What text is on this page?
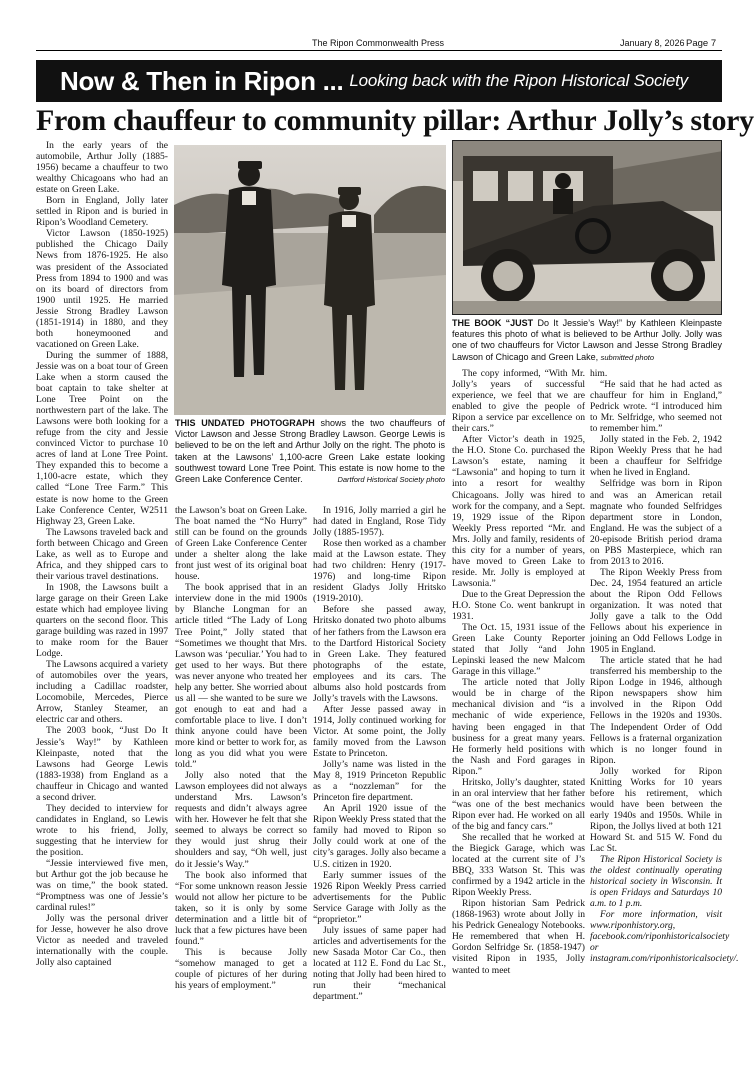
The Ripon Commonwealth Press	January 8, 2026 Page 7
Now & Then in Ripon ... Looking back with the Ripon Historical Society
From chauffeur to community pillar: Arthur Jolly’s story
THIS UNDATED PHOTOGRAPH shows the two chauffeurs of Victor Lawson and Jesse Strong Bradley Lawson. George Lewis is believed to be on the left and Arthur Jolly on the right. The photo is taken at the Lawsons’ 1,100-acre Green Lake estate looking southwest toward Lone Tree Point. This estate is now home to the Green Lake Conference Center.	Dartford Historical Society photo
THE BOOK “JUST Do It Jessie’s Way!” by Kathleen Kleinpaste features this photo of what is believed to be Arthur Jolly. Jolly was one of two chauffeurs for Victor Lawson and Jesse Strong Bradley Lawson of Chicago and Green Lake, submitted photo

In the early years of the automobile, Arthur Jolly (1885-1956) became a chauffeur to two wealthy Chicagoans who had an estate on Green Lake.

Born in England, Jolly later settled in Ripon and is buried in Ripon’s Woodland Cemetery.

Victor Lawson (1850-1925) published the Chicago Daily News from 1876-1925. He also was president of the Associated Press from 1894 to 1900 and was on its board of directors from 1900 until 1925. He married Jessie Strong Bradley Lawson (1851-1914) in 1880, and they both honeymooned and vacationed on Green Lake.

During the summer of 1888, Jessie was on a boat tour of Green Lake when a storm caused the boat captain to take shelter at Lone Tree Point on the northwestern part of the lake. The Lawsons were both looking for a refuge from the city and Jessie convinced Victor to purchase 10 acres of land at Lone Tree Point. They expanded this to become a 1,100-acre estate, which they called “Lone Tree Farm.” This estate is now home to the Green Lake Conference Center, W2511 Highway 23, Green Lake.

The Lawsons traveled back and forth between Chicago and Green Lake, as well as to Europe and Africa, and they shipped cars to their various travel destinations.

In 1908, the Lawsons built a large garage on their Green Lake estate which had employee living quarters on the second floor. This garage building was razed in 1997 to make room for the Bauer Lodge.

The Lawsons acquired a variety of automobiles over the years, including a Cadillac roadster, Locomobile, Mercedes, Pierce Arrow, Stanley Steamer, an electric car and others.

The 2003 book, “Just Do It Jessie’s Way!” by Kathleen Kleinpaste, noted that the Lawsons had George Lewis (1883-1938) from England as a chauffeur in Chicago and wanted a second driver.

They decided to interview for candidates in England, so Lewis wrote to his friend, Jolly, suggesting that he interview for the position.

“Jessie interviewed five men, but Arthur got the job because he was on time,” the book stated. “Promptness was one of Jessie’s cardinal rules!”

Jolly was the personal driver for Jesse, however he also drove Victor as needed and traveled internationally with the couple. Jolly also captained

the Lawson’s boat on Green Lake. The boat named the “No Hurry” still can be found on the grounds of Green Lake Conference Center under a shelter along the lake front just west of its original boat house.

The book apprised that in an interview done in the mid 1900s by Blanche Longman for an article titled “The Lady of Long Tree Point,” Jolly stated that “Sometimes we thought that Mrs. Lawson was ‘peculiar.’ You had to get used to her ways. But there was never anyone who treated her help any better. She worried about us all — she wanted to be sure we got enough to eat and had a comfortable place to live. I don’t think anyone could have been more kind or better to work for, as long as you did what you were told.”

Jolly also noted that the Lawson employees did not always understand Mrs. Lawson’s requests and didn’t always agree with her. However he felt that she seemed to always be correct so they would just shrug their shoulders and say, “Oh well, just do it Jessie’s Way.”

The book also informed that “For some unknown reason Jessie would not allow her picture to be taken, so it is only by some determination and a little bit of luck that a few pictures have been found.”

This is because Jolly “somehow managed to get a couple of pictures of her during his years of employment.”

In 1916, Jolly married a girl he had dated in England, Rose Tidy Jolly (1885-1957).

Rose then worked as a chamber maid at the Lawson estate. They had two children: Henry (1917-1976) and long-time Ripon resident Gladys Jolly Hritsko (1919-2010).

Before she passed away, Hritsko donated two photo albums of her fathers from the Lawson era to the Dartford Historical Society in Green Lake. They featured photographs of the estate, employees and its cars. The albums also hold postcards from Jolly’s travels with the Lawsons.

After Jesse passed away in 1914, Jolly continued working for Victor. At some point, the Jolly family moved from the Lawson Estate to Princeton.

Jolly’s name was listed in the May 8, 1919 Princeton Republic as a “nozzleman” for the Princeton fire department.

An April 1920 issue of the Ripon Weekly Press stated that the family had moved to Ripon so Jolly could work at one of the city’s garages. Jolly also became a U.S. citizen in 1920.

Early summer issues of the 1926 Ripon Weekly Press carried advertisements for the Public Service Garage with Jolly as the “proprietor.”

July issues of same paper had articles and advertisements for the new Sasada Motor Car Co., then located at 112 E. Fond du Lac St., noting that Jolly had been hired to run their “mechanical department.”

The copy informed, “With Mr. Jolly’s years of successful experience, we feel that we are enabled to give the people of Ripon a service par excellence on their cars.”

After Victor’s death in 1925, the H.O. Stone Co. purchased the Lawson’s estate, naming it “Lawsonia” and hoping to turn it into a resort for wealthy Chicagoans. Jolly was hired to work for the company, and a Sept. 19, 1929 issue of the Ripon Weekly Press reported “Mr. and Mrs. Jolly and family, residents of this city for a number of years, have moved to Green Lake to reside. Mr. Jolly is employed at Lawsonia.”

Due to the Great Depression the H.O. Stone Co. went bankrupt in 1931.

The Oct. 15, 1931 issue of the Green Lake County Reporter stated that Jolly “and John Lepinski leased the new Malcom Garage in this village.”

The article noted that Jolly would be in charge of the mechanical division and “is a mechanic of wide experience, having been engaged in that business for a great many years. He formerly held positions with the Nash and Ford garages in Ripon.”

Hritsko, Jolly’s daughter, stated in an oral interview that her father “was one of the best mechanics Ripon ever had. He worked on all of the big and fancy cars.”

She recalled that he worked at the Biegick Garage, which was located at the current site of J’s BBQ, 333 Watson St. This was confirmed by a 1942 article in the Ripon Weekly Press.

Ripon historian Sam Pedrick (1868-1963) wrote about Jolly in his Pedrick Genealogy Notebooks. He remembered that when H. Gordon Selfridge Sr. (1858-1947) visited Ripon in 1935, Jolly wanted to meet

him.

“He said that he had acted as chauffeur for him in England,” Pedrick wrote. “I introduced him to Mr. Selfridge, who seemed not to remember him.”

Jolly stated in the Feb. 2, 1942 Ripon Weekly Press that he had been a chauffeur for Selfridge when he lived in England.

Selfridge was born in Ripon and was an American retail magnate who founded Selfridges department store in London, England. He was the subject of a 20-episode British period drama on PBS Masterpiece, which ran from 2013 to 2016.

The Ripon Weekly Press from Dec. 24, 1954 featured an article about the Ripon Odd Fellows organization. It was noted that Jolly gave a talk to the Odd Fellows about his experience in joining an Odd Fellows Lodge in 1905 in England.

The article stated that he had transferred his membership to the Ripon Lodge in 1946, although Ripon newspapers show him involved in the Ripon Odd Fellows in the 1920s and 1930s. The Independent Order of Odd Fellows is a fraternal organization which is no longer found in Ripon.

Jolly worked for Ripon Knitting Works for 10 years before his retirement, which would have been between the early 1940s and 1950s. While in Ripon, the Jollys lived at both 121 Howard St. and 515 W. Fond du Lac St.

The Ripon Historical Society is the oldest continually operating historical society in Wisconsin. It is open Fridays and Saturdays 10 a.m. to 1 p.m.

For more information, visit www.riponhistory.org, facebook.com/riponhistoricalsociety or instagram.com/riponhistoricalsociety/.
